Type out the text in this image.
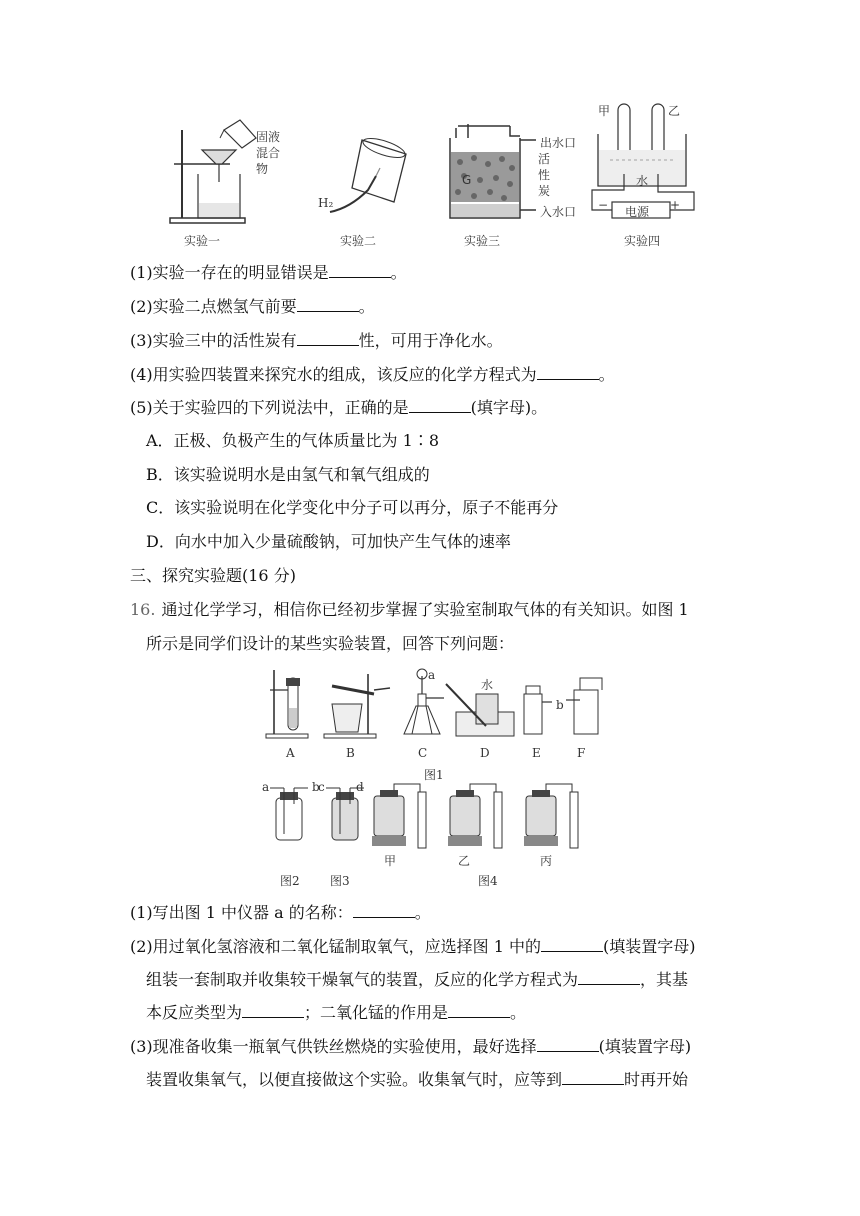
固液
混合
物
实验一
H₂
实验二
G
出水口
活
性
炭
入水口
实验三
甲	乙
水
电源
−	+
实验四
(1)实验一存在的明显错误是	。
(2)实验二点燃氢气前要	。
(3)实验三中的活性炭有	性，可用于净化水。
(4)用实验四装置来探究水的组成，该反应的化学方程式为	。
(5)关于实验四的下列说法中，正确的是	(填字母)。
A．正极、负极产生的气体质量比为 1∶8
B．该实验说明水是由氢气和氧气组成的
C．该实验说明在化学变化中分子可以再分，原子不能再分
D．向水中加入少量硫酸钠，可加快产生气体的速率
三、探究实验题(16 分)
16. 通过化学学习，相信你已经初步掌握了实验室制取气体的有关知识。如图 1
所示是同学们设计的某些实验装置，回答下列问题：
A	B	C	D	E	F
a
b
水
图1
a	b
图2
c	d
图3
甲	乙	丙
图4
(1)写出图 1 中仪器 a 的名称：	。
(2)用过氧化氢溶液和二氧化锰制取氧气，应选择图 1 中的	(填装置字母)
组装一套制取并收集较干燥氧气的装置，反应的化学方程式为	，其基
本反应类型为	；二氧化锰的作用是	。
(3)现准备收集一瓶氧气供铁丝燃烧的实验使用，最好选择	(填装置字母)
装置收集氧气，以便直接做这个实验。收集氧气时，应等到	时再开始
